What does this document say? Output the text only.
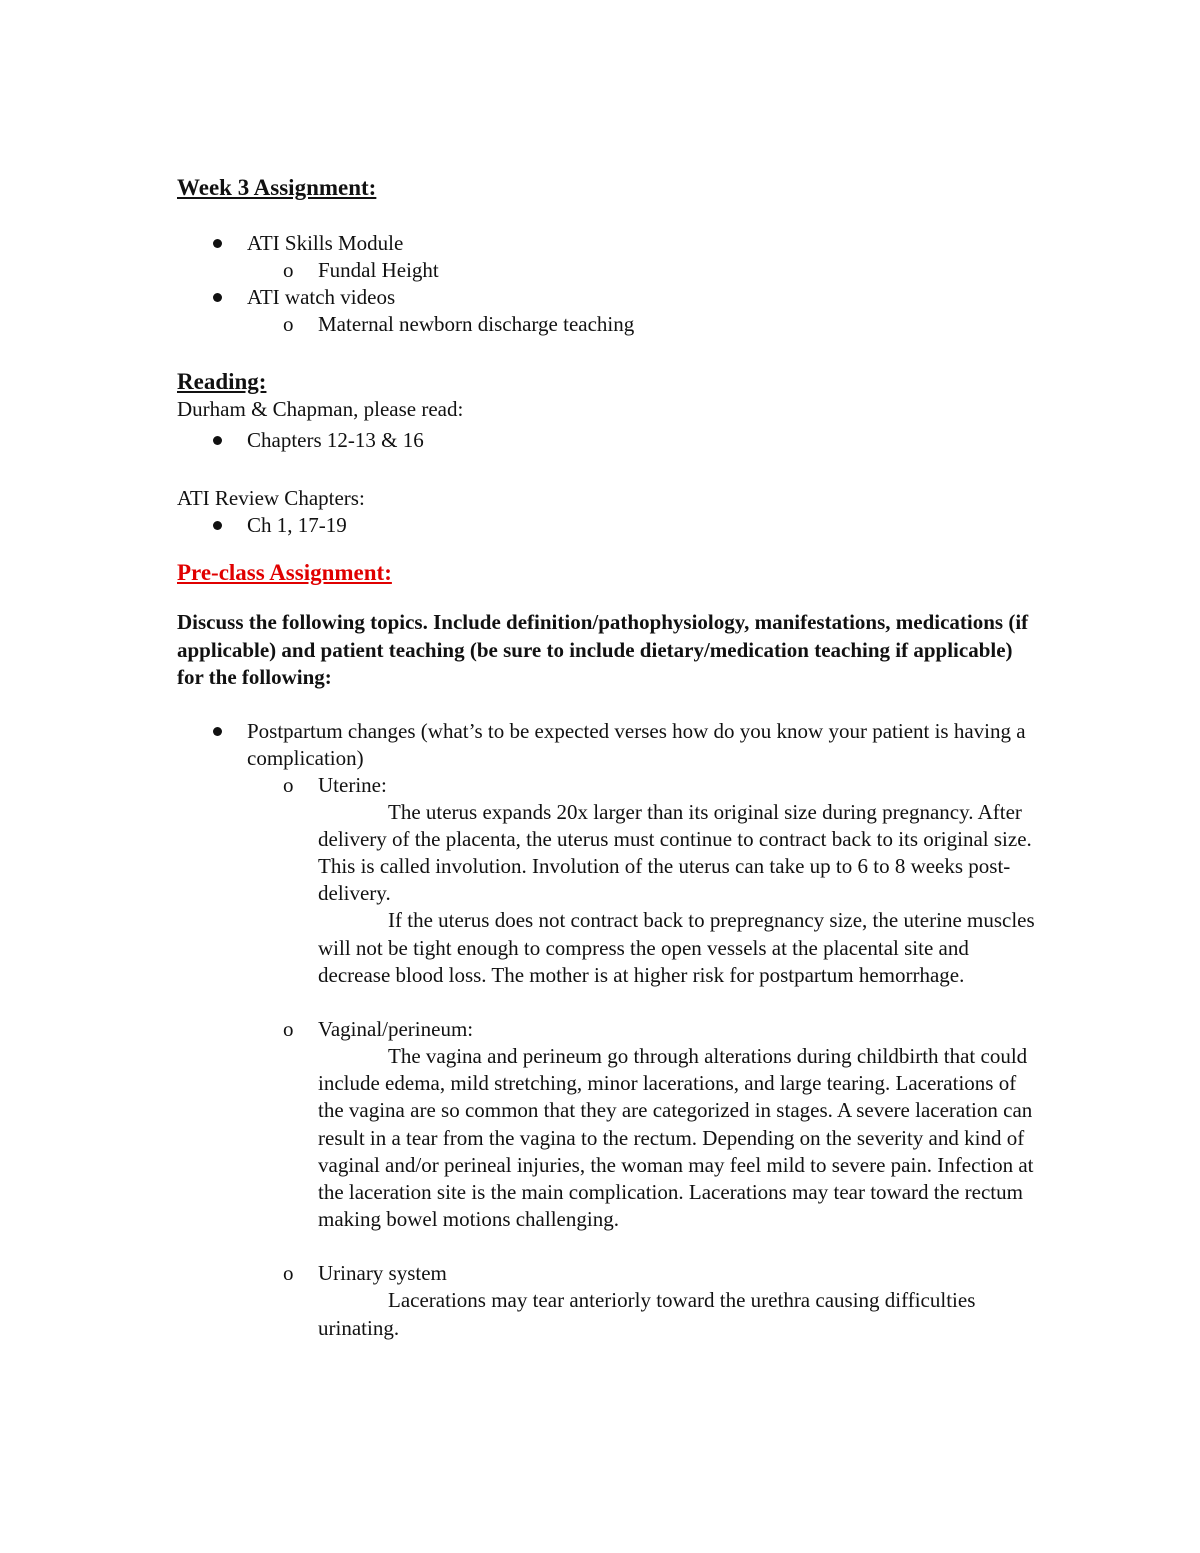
Week 3 Assignment:

ATI Skills Module
o Fundal Height
ATI watch videos
o Maternal newborn discharge teaching

Reading:

Durham & Chapman, please read:

Chapters 12-13 & 16

ATI Review Chapters:

Ch 1, 17-19

Pre-class Assignment:

Discuss the following topics. Include definition/pathophysiology, manifestations, medications (if applicable) and patient teaching (be sure to include dietary/medication teaching if applicable) for the following:

Postpartum changes (what’s to be expected verses how do you know your patient is having a complication)
o Uterine:
The uterus expands 20x larger than its original size during pregnancy. After delivery of the placenta, the uterus must continue to contract back to its original size. This is called involution. Involution of the uterus can take up to 6 to 8 weeks post-delivery.
If the uterus does not contract back to prepregnancy size, the uterine muscles will not be tight enough to compress the open vessels at the placental site and decrease blood loss. The mother is at higher risk for postpartum hemorrhage.
o Vaginal/perineum:
The vagina and perineum go through alterations during childbirth that could include edema, mild stretching, minor lacerations, and large tearing. Lacerations of the vagina are so common that they are categorized in stages. A severe laceration can result in a tear from the vagina to the rectum. Depending on the severity and kind of vaginal and/or perineal injuries, the woman may feel mild to severe pain. Infection at the laceration site is the main complication. Lacerations may tear toward the rectum making bowel motions challenging.
o Urinary system
Lacerations may tear anteriorly toward the urethra causing difficulties urinating.
